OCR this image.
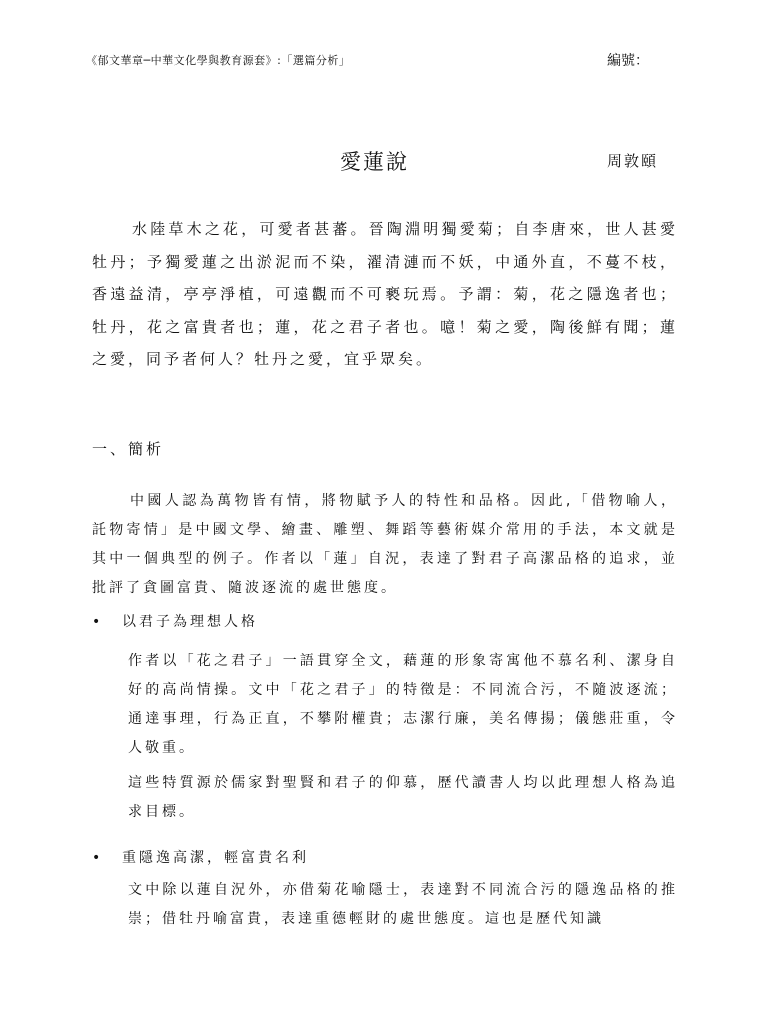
《郁文華章─中華文化學與教育源套》:「選篇分析」	編號：
愛蓮說	周敦頤

水陸草木之花，可愛者甚蕃。晉陶淵明獨愛菊；自李唐來，世人甚愛牡丹；予獨愛蓮之出淤泥而不染，濯清漣而不妖，中通外直，不蔓不枝，香遠益清，亭亭淨植，可遠觀而不可褻玩焉。予謂：菊，花之隱逸者也；牡丹，花之富貴者也；蓮，花之君子者也。噫！菊之愛，陶後鮮有聞；蓮之愛，同予者何人？牡丹之愛，宜乎眾矣。

一、簡析

中國人認為萬物皆有情，將物賦予人的特性和品格。因此,「借物喻人，託物寄情」是中國文學、繪畫、雕塑、舞蹈等藝術媒介常用的手法，本文就是其中一個典型的例子。作者以「蓮」自況，表達了對君子高潔品格的追求，並批評了貪圖富貴、隨波逐流的處世態度。

• 以君子為理想人格

作者以「花之君子」一語貫穿全文，藉蓮的形象寄寓他不慕名利、潔身自好的高尚情操。文中「花之君子」的特徵是：不同流合污，不隨波逐流；通達事理，行為正直，不攀附權貴；志潔行廉，美名傳揚；儀態莊重，令人敬重。

這些特質源於儒家對聖賢和君子的仰慕，歷代讀書人均以此理想人格為追求目標。

• 重隱逸高潔，輕富貴名利

文中除以蓮自況外，亦借菊花喻隱士，表達對不同流合污的隱逸品格的推崇；借牡丹喻富貴，表達重德輕財的處世態度。這也是歷代知識
